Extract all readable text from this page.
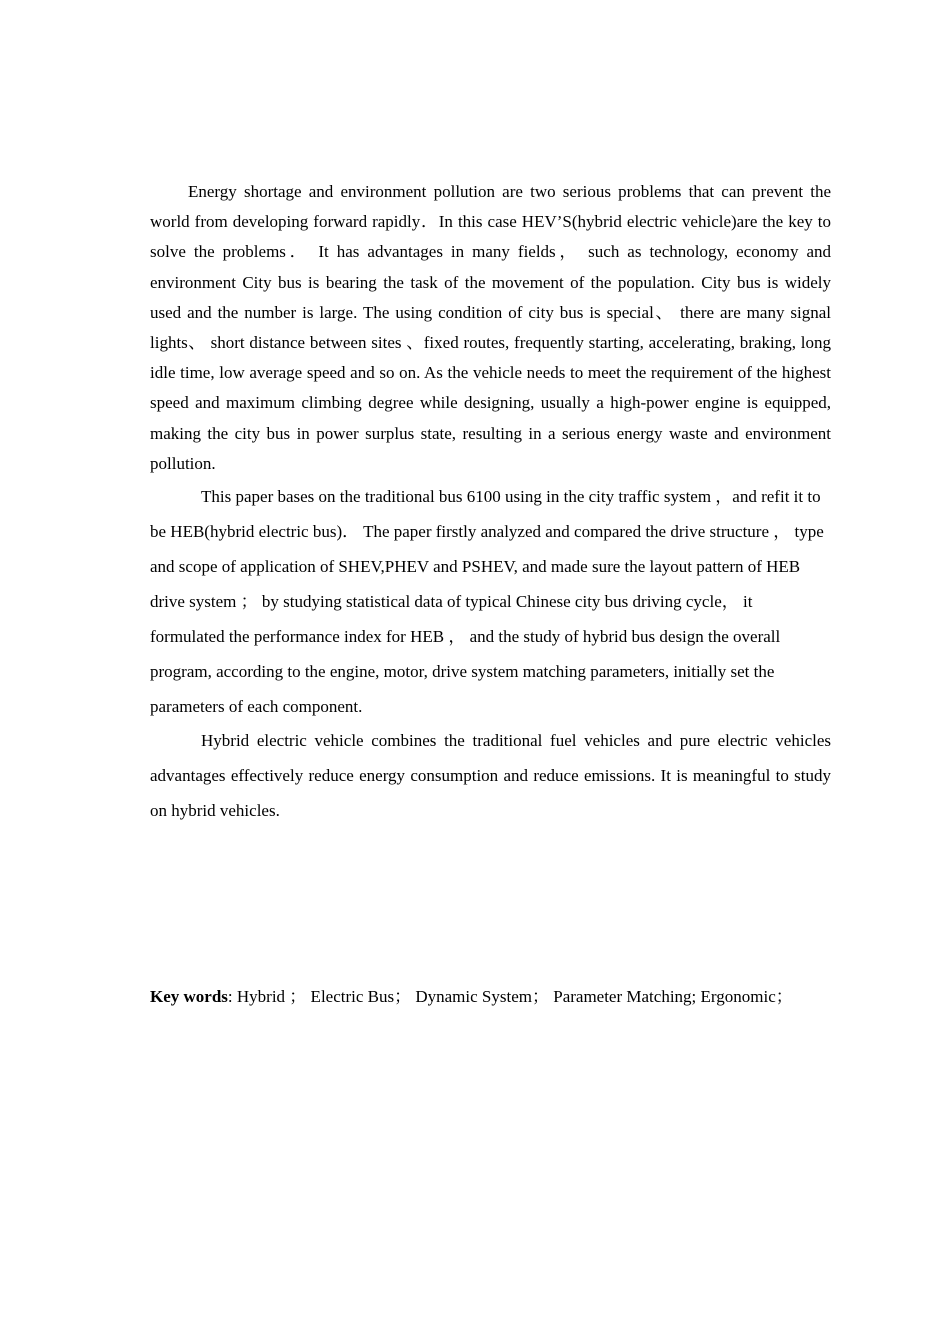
Energy shortage and environment pollution are two serious problems that can prevent the world from developing forward rapidly．In this case HEV’S(hybrid electric vehicle)are the key to solve the problems． It has advantages in many fields， such as technology, economy and environment City bus is bearing the task of the movement of the population. City bus is widely used and the number is large. The using condition of city bus is special、 there are many signal lights、 short distance between sites 、fixed routes, frequently starting, accelerating, braking, long idle time, low average speed and so on. As the vehicle needs to meet the requirement of the highest speed and maximum climbing degree while designing, usually a high-power engine is equipped, making the city bus in power surplus state, resulting in a serious energy waste and environment pollution.

This paper bases on the traditional bus 6100 using in the city traffic system ，and refit it to be HEB(hybrid electric bus)． The paper firstly analyzed and compared the drive structure ， type and scope of application of SHEV,PHEV and PSHEV, and made sure the layout pattern of HEB drive system ； by studying statistical data of typical Chinese city bus driving cycle， it formulated the performance index for HEB ， and the study of hybrid bus design the overall program, according to the engine, motor, drive system matching parameters, initially set the parameters of each component.

Hybrid electric vehicle combines the traditional fuel vehicles and pure electric vehicles advantages effectively reduce energy consumption and reduce emissions. It is meaningful to study on hybrid vehicles.

Key words: Hybrid ； Electric Bus； Dynamic System； Parameter Matching; Ergonomic；
